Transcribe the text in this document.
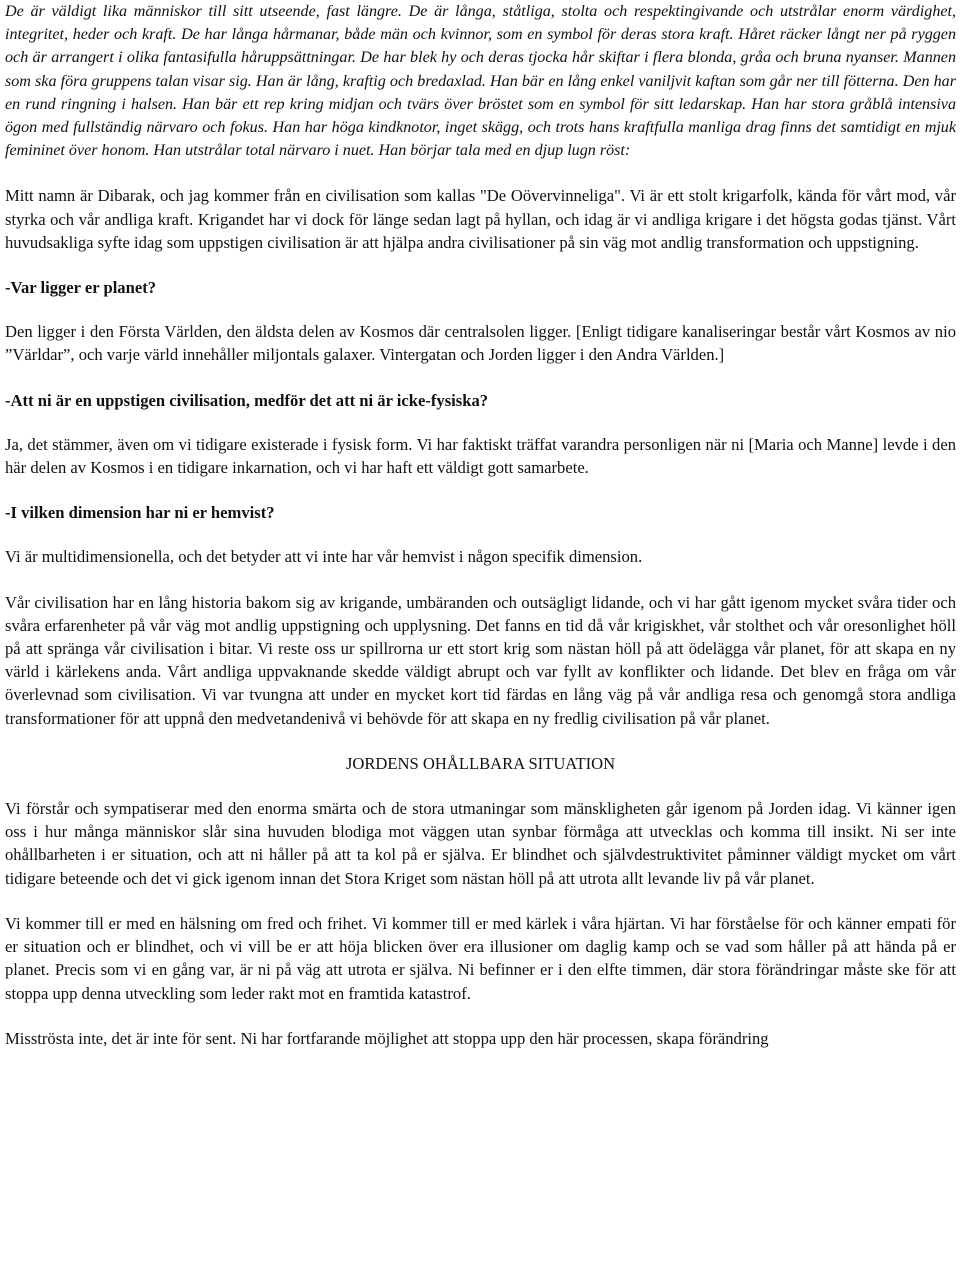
De är väldigt lika människor till sitt utseende, fast längre. De är långa, ståtliga, stolta och respektingivande och utstrålar enorm värdighet, integritet, heder och kraft. De har långa hårmanar, både män och kvinnor, som en symbol för deras stora kraft. Håret räcker långt ner på ryggen och är arrangert i olika fantasifulla håruppsättningar. De har blek hy och deras tjocka hår skiftar i flera blonda, gråa och bruna nyanser. Mannen som ska föra gruppens talan visar sig. Han är lång, kraftig och bredaxlad. Han bär en lång enkel vaniljvit kaftan som går ner till fötterna. Den har en rund ringning i halsen. Han bär ett rep kring midjan och tvärs över bröstet som en symbol för sitt ledarskap. Han har stora gråblå intensiva ögon med fullständig närvaro och fokus. Han har höga kindknotor, inget skägg, och trots hans kraftfulla manliga drag finns det samtidigt en mjuk femininet över honom. Han utstrålar total närvaro i nuet. Han börjar tala med en djup lugn röst:

Mitt namn är Dibarak, och jag kommer från en civilisation som kallas "De Oövervinneliga". Vi är ett stolt krigarfolk, kända för vårt mod, vår styrka och vår andliga kraft. Krigandet har vi dock för länge sedan lagt på hyllan, och idag är vi andliga krigare i det högsta godas tjänst. Vårt huvudsakliga syfte idag som uppstigen civilisation är att hjälpa andra civilisationer på sin väg mot andlig transformation och uppstigning.

-Var ligger er planet?

Den ligger i den Första Världen, den äldsta delen av Kosmos där centralsolen ligger. [Enligt tidigare kanaliseringar består vårt Kosmos av nio ”Världar”, och varje värld innehåller miljontals galaxer. Vintergatan och Jorden ligger i den Andra Världen.]

-Att ni är en uppstigen civilisation, medför det att ni är icke-fysiska?

Ja, det stämmer, även om vi tidigare existerade i fysisk form. Vi har faktiskt träffat varandra personligen när ni [Maria och Manne] levde i den här delen av Kosmos i en tidigare inkarnation, och vi har haft ett väldigt gott samarbete.

-I vilken dimension har ni er hemvist?

Vi är multidimensionella, och det betyder att vi inte har vår hemvist i någon specifik dimension.

Vår civilisation har en lång historia bakom sig av krigande, umbäranden och outsägligt lidande, och vi har gått igenom mycket svåra tider och svåra erfarenheter på vår väg mot andlig uppstigning och upplysning. Det fanns en tid då vår krigiskhet, vår stolthet och vår oresonlighet höll på att spränga vår civilisation i bitar. Vi reste oss ur spillrorna ur ett stort krig som nästan höll på att ödelägga vår planet, för att skapa en ny värld i kärlekens anda. Vårt andliga uppvaknande skedde väldigt abrupt och var fyllt av konflikter och lidande. Det blev en fråga om vår överlevnad som civilisation. Vi var tvungna att under en mycket kort tid färdas en lång väg på vår andliga resa och genomgå stora andliga transformationer för att uppnå den medvetandenivå vi behövde för att skapa en ny fredlig civilisation på vår planet.

JORDENS OHÅLLBARA SITUATION

Vi förstår och sympatiserar med den enorma smärta och de stora utmaningar som mänskligheten går igenom på Jorden idag. Vi känner igen oss i hur många människor slår sina huvuden blodiga mot väggen utan synbar förmåga att utvecklas och komma till insikt. Ni ser inte ohållbarheten i er situation, och att ni håller på att ta kol på er själva. Er blindhet och självdestruktivitet påminner väldigt mycket om vårt tidigare beteende och det vi gick igenom innan det Stora Kriget som nästan höll på att utrota allt levande liv på vår planet.

Vi kommer till er med en hälsning om fred och frihet. Vi kommer till er med kärlek i våra hjärtan. Vi har förståelse för och känner empati för er situation och er blindhet, och vi vill be er att höja blicken över era illusioner om daglig kamp och se vad som håller på att hända på er planet. Precis som vi en gång var, är ni på väg att utrota er själva. Ni befinner er i den elfte timmen, där stora förändringar måste ske för att stoppa upp denna utveckling som leder rakt mot en framtida katastrof.

Misströsta inte, det är inte för sent. Ni har fortfarande möjlighet att stoppa upp den här processen, skapa förändring
